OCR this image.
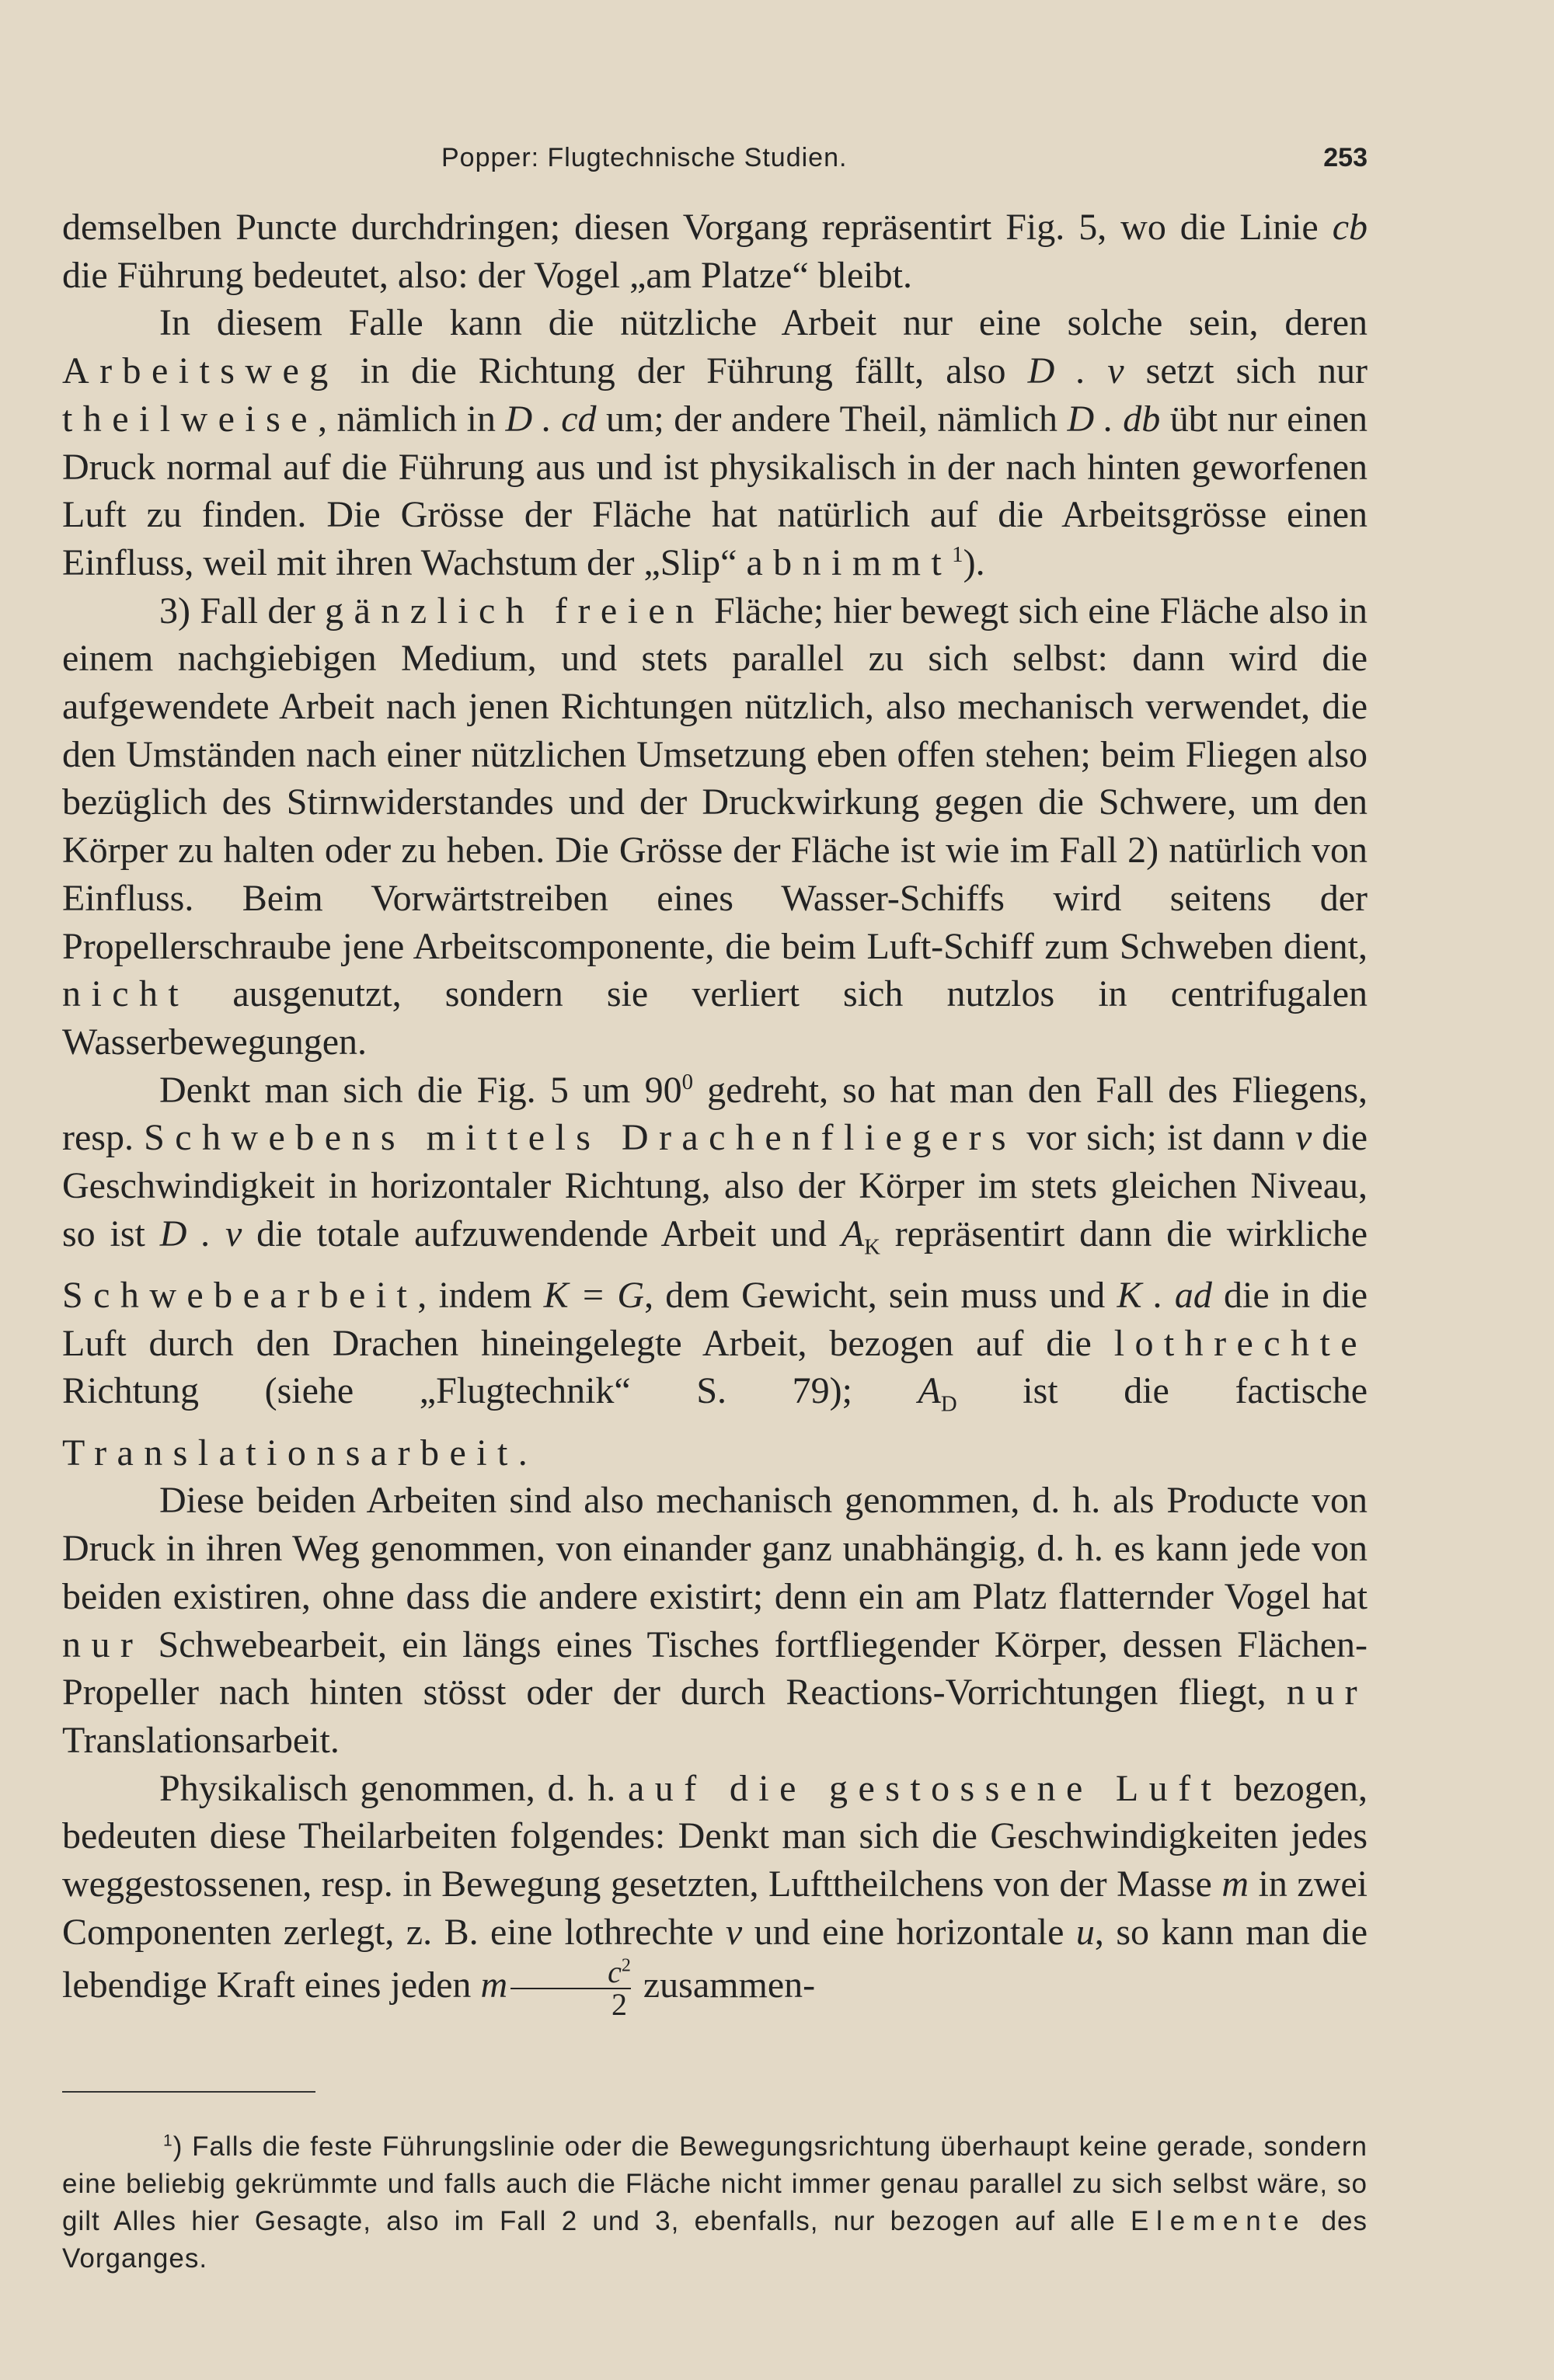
Popper: Flugtechnische Studien.	253

demselben Puncte durchdringen; diesen Vorgang repräsentirt Fig. 5, wo die Linie cb die Führung bedeutet, also: der Vogel „am Platze“ bleibt.

In diesem Falle kann die nützliche Arbeit nur eine solche sein, deren Arbeitsweg in die Richtung der Führung fällt, also D . v setzt sich nur theilweise, nämlich in D . cd um; der andere Theil, nämlich D . db übt nur einen Druck normal auf die Führung aus und ist physikalisch in der nach hinten geworfenen Luft zu finden. Die Grösse der Fläche hat natürlich auf die Arbeitsgrösse einen Einfluss, weil mit ihren Wachstum der „Slip“ abnimmt$^1$).

3) Fall der gänzlich freien Fläche; hier bewegt sich eine Fläche also in einem nachgiebigen Medium, und stets parallel zu sich selbst: dann wird die aufgewendete Arbeit nach jenen Richtungen nützlich, also mechanisch verwendet, die den Umständen nach einer nützlichen Umsetzung eben offen stehen; beim Fliegen also bezüglich des Stirnwiderstandes und der Druckwirkung gegen die Schwere, um den Körper zu halten oder zu heben. Die Grösse der Fläche ist wie im Fall 2) natürlich von Einfluss. Beim Vorwärtstreiben eines Wasser-Schiffs wird seitens der Propellerschraube jene Arbeitscomponente, die beim Luft-Schiff zum Schweben dient, nicht ausgenutzt, sondern sie verliert sich nutzlos in centrifugalen Wasserbewegungen.

Denkt man sich die Fig. 5 um $90^0$ gedreht, so hat man den Fall des Fliegens, resp. Schwebens mittels Drachenfliegers vor sich; ist dann v die Geschwindigkeit in horizontaler Richtung, also der Körper im stets gleichen Niveau, so ist D . v die totale aufzuwendende Arbeit und $A_K$ repräsentirt dann die wirkliche Schwebearbeit, indem K = G, dem Gewicht, sein muss und K . ad die in die Luft durch den Drachen hineingelegte Arbeit, bezogen auf die lothrechte Richtung (siehe „Flugtechnik“ S. 79); $A_D$ ist die factische Translationsarbeit.

Diese beiden Arbeiten sind also mechanisch genommen, d. h. als Producte von Druck in ihren Weg genommen, von einander ganz unabhängig, d. h. es kann jede von beiden existiren, ohne dass die andere existirt; denn ein am Platz flatternder Vogel hat nur Schwebearbeit, ein längs eines Tisches fortfliegender Körper, dessen Flächen-Propeller nach hinten stösst oder der durch Reactions-Vorrichtungen fliegt, nur Translationsarbeit.

Physikalisch genommen, d. h. auf die gestossene Luft bezogen, bedeuten diese Theilarbeiten folgendes: Denkt man sich die Geschwindigkeiten jedes weggestossenen, resp. in Bewegung gesetzten, Lufttheilchens von der Masse m in zwei Componenten zerlegt, z. B. eine lothrechte v und eine horizontale u, so kann man die lebendige Kraft eines jeden m $\frac{c^2}{2}$ zusammen-

$^1$) Falls die feste Führungslinie oder die Bewegungsrichtung überhaupt keine gerade, sondern eine beliebig gekrümmte und falls auch die Fläche nicht immer genau parallel zu sich selbst wäre, so gilt Alles hier Gesagte, also im Fall 2 und 3, ebenfalls, nur bezogen auf alle Elemente des Vorganges.
